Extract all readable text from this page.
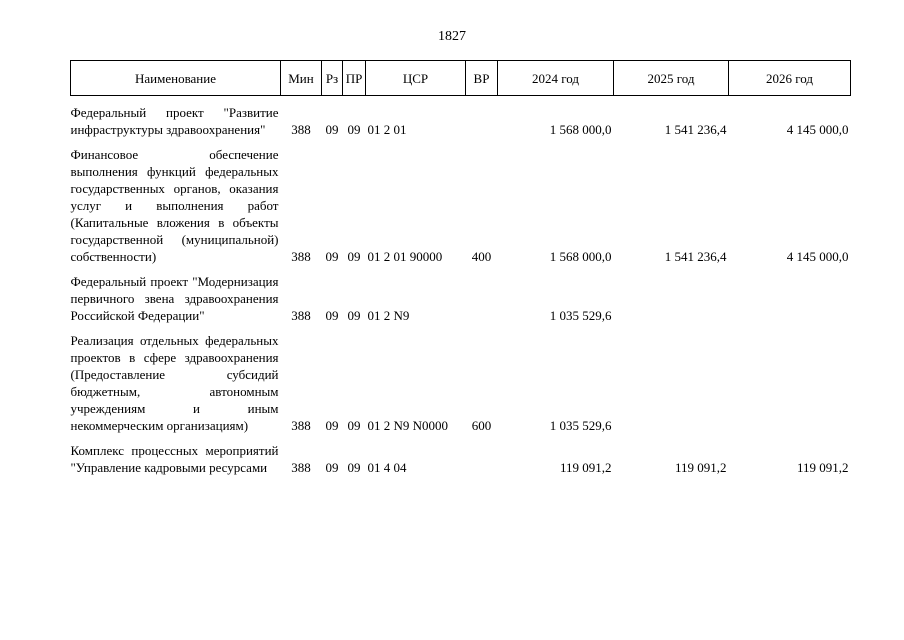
1827
Наименование	Мин	Рз	ПР	ЦСР	ВР	2024 год	2025 год	2026 год

Федеральный проект "Развитие инфраструктуры здравоохранения"	388	09	09	01 2 01		1 568 000,0	1 541 236,4	4 145 000,0

Финансовое обеспечение выполнения функций федеральных государственных органов, оказания услуг и выполнения работ (Капитальные вложения в объекты государственной (муниципальной) собственности)	388	09	09	01 2 01 90000	400	1 568 000,0	1 541 236,4	4 145 000,0

Федеральный проект "Модернизация первичного звена здравоохранения Российской Федерации"	388	09	09	01 2 N9		1 035 529,6		

Реализация отдельных федеральных проектов в сфере здравоохранения (Предоставление субсидий бюджетным, автономным учреждениям и иным некоммерческим организациям)	388	09	09	01 2 N9 N0000	600	1 035 529,6		

Комплекс процессных мероприятий "Управление кадровыми ресурсами	388	09	09	01 4 04		119 091,2	119 091,2	119 091,2
